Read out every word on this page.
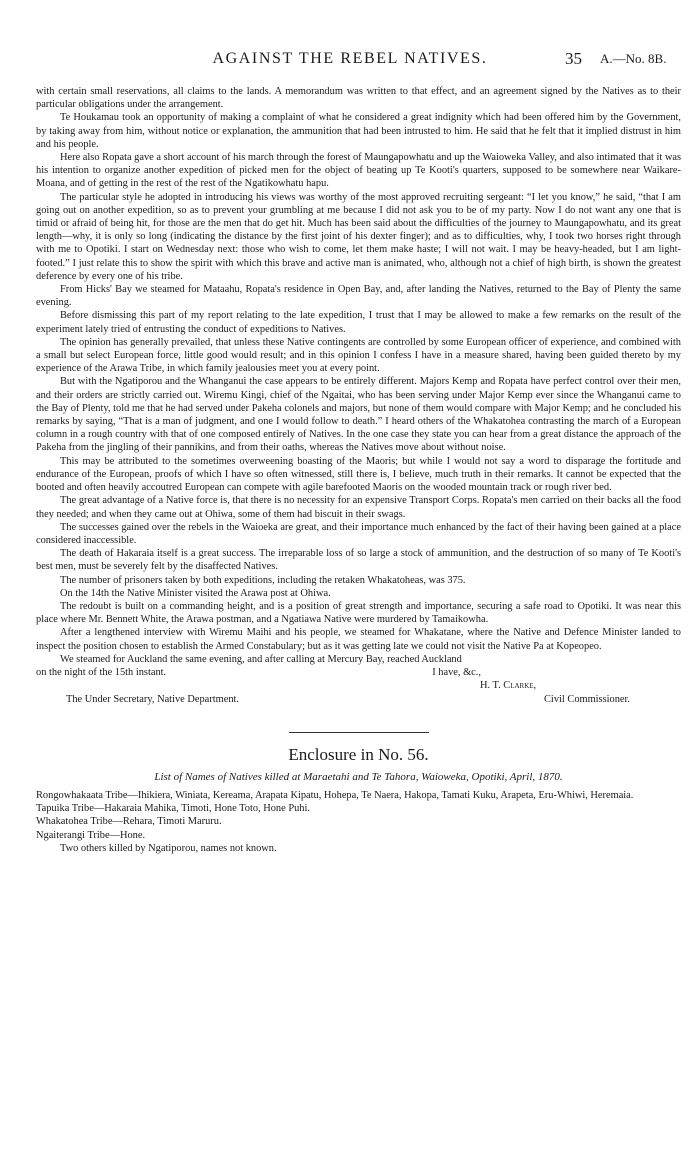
AGAINST THE REBEL NATIVES.	35 A.—No. 8B.

with certain small reservations, all claims to the lands. A memorandum was written to that effect, and an agreement signed by the Natives as to their particular obligations under the arrangement.

Te Houkamau took an opportunity of making a complaint of what he considered a great indignity which had been offered him by the Government, by taking away from him, without notice or explanation, the ammunition that had been intrusted to him. He said that he felt that it implied distrust in him and his people.

Here also Ropata gave a short account of his march through the forest of Maungapowhatu and up the Waioweka Valley, and also intimated that it was his intention to organize another expedition of picked men for the object of beating up Te Kooti's quarters, supposed to be somewhere near Waikare-Moana, and of getting in the rest of the rest of the Ngatikowhatu hapu.

The particular style he adopted in introducing his views was worthy of the most approved recruiting sergeant: “I let you know,” he said, “that I am going out on another expedition, so as to prevent your grumbling at me because I did not ask you to be of my party. Now I do not want any one that is timid or afraid of being hit, for those are the men that do get hit. Much has been said about the difficulties of the journey to Maungapowhatu, and its great length—why, it is only so long (indicating the distance by the first joint of his dexter finger); and as to difficulties, why, I took two horses right through with me to Opotiki. I start on Wednesday next: those who wish to come, let them make haste; I will not wait. I may be heavy-headed, but I am light-footed.” I just relate this to show the spirit with which this brave and active man is animated, who, although not a chief of high birth, is shown the greatest deference by every one of his tribe.

From Hicks' Bay we steamed for Mataahu, Ropata's residence in Open Bay, and, after landing the Natives, returned to the Bay of Plenty the same evening.

Before dismissing this part of my report relating to the late expedition, I trust that I may be allowed to make a few remarks on the result of the experiment lately tried of entrusting the conduct of expeditions to Natives.

The opinion has generally prevailed, that unless these Native contingents are controlled by some European officer of experience, and combined with a small but select European force, little good would result; and in this opinion I confess I have in a measure shared, having been guided thereto by my experience of the Arawa Tribe, in which family jealousies meet you at every point.

But with the Ngatiporou and the Whanganui the case appears to be entirely different. Majors Kemp and Ropata have perfect control over their men, and their orders are strictly carried out. Wiremu Kingi, chief of the Ngaitai, who has been serving under Major Kemp ever since the Whanganui came to the Bay of Plenty, told me that he had served under Pakeha colonels and majors, but none of them would compare with Major Kemp; and he concluded his remarks by saying, “That is a man of judgment, and one I would follow to death.” I heard others of the Whakatohea contrasting the march of a European column in a rough country with that of one composed entirely of Natives. In the one case they state you can hear from a great distance the approach of the Pakeha from the jingling of their pannikins, and from their oaths, whereas the Natives move about without noise.

This may be attributed to the sometimes overweening boasting of the Maoris; but while I would not say a word to disparage the fortitude and endurance of the European, proofs of which I have so often witnessed, still there is, I believe, much truth in their remarks. It cannot be expected that the booted and often heavily accoutred European can compete with agile barefooted Maoris on the wooded mountain track or rough river bed.

The great advantage of a Native force is, that there is no necessity for an expensive Transport Corps. Ropata's men carried on their backs all the food they needed; and when they came out at Ohiwa, some of them had biscuit in their swags.

The successes gained over the rebels in the Waioeka are great, and their importance much enhanced by the fact of their having been gained at a place considered inaccessible.

The death of Hakaraia itself is a great success. The irreparable loss of so large a stock of ammunition, and the destruction of so many of Te Kooti's best men, must be severely felt by the disaffected Natives.

The number of prisoners taken by both expeditions, including the retaken Whakatoheas, was 375.

On the 14th the Native Minister visited the Arawa post at Ohiwa.

The redoubt is built on a commanding height, and is a position of great strength and importance, securing a safe road to Opotiki. It was near this place where Mr. Bennett White, the Arawa postman, and a Ngatiawa Native were murdered by Tamaikowha.

After a lengthened interview with Wiremu Maihi and his people, we steamed for Whakatane, where the Native and Defence Minister landed to inspect the position chosen to establish the Armed Constabulary; but as it was getting late we could not visit the Native Pa at Kopeopeo.

We steamed for Auckland the same evening, and after calling at Mercury Bay, reached Auckland

on the night of the 15th instant.	I have, &c.,
H. T. Clarke,
The Under Secretary, Native Department.	Civil Commissioner.
Enclosure in No. 56.
List of Names of Natives killed at Maraetahi and Te Tahora, Waioweka, Opotiki, April, 1870.

Rongowhakaata Tribe—Ihikiera, Winiata, Kereama, Arapata Kipatu, Hohepa, Te Naera, Hakopa, Tamati Kuku, Arapeta, Eru-Whiwi, Heremaia.

Tapuika Tribe—Hakaraia Mahika, Timoti, Hone Toto, Hone Puhi.

Whakatohea Tribe—Rehara, Timoti Maruru.

Ngaiterangi Tribe—Hone.

Two others killed by Ngatiporou, names not known.
